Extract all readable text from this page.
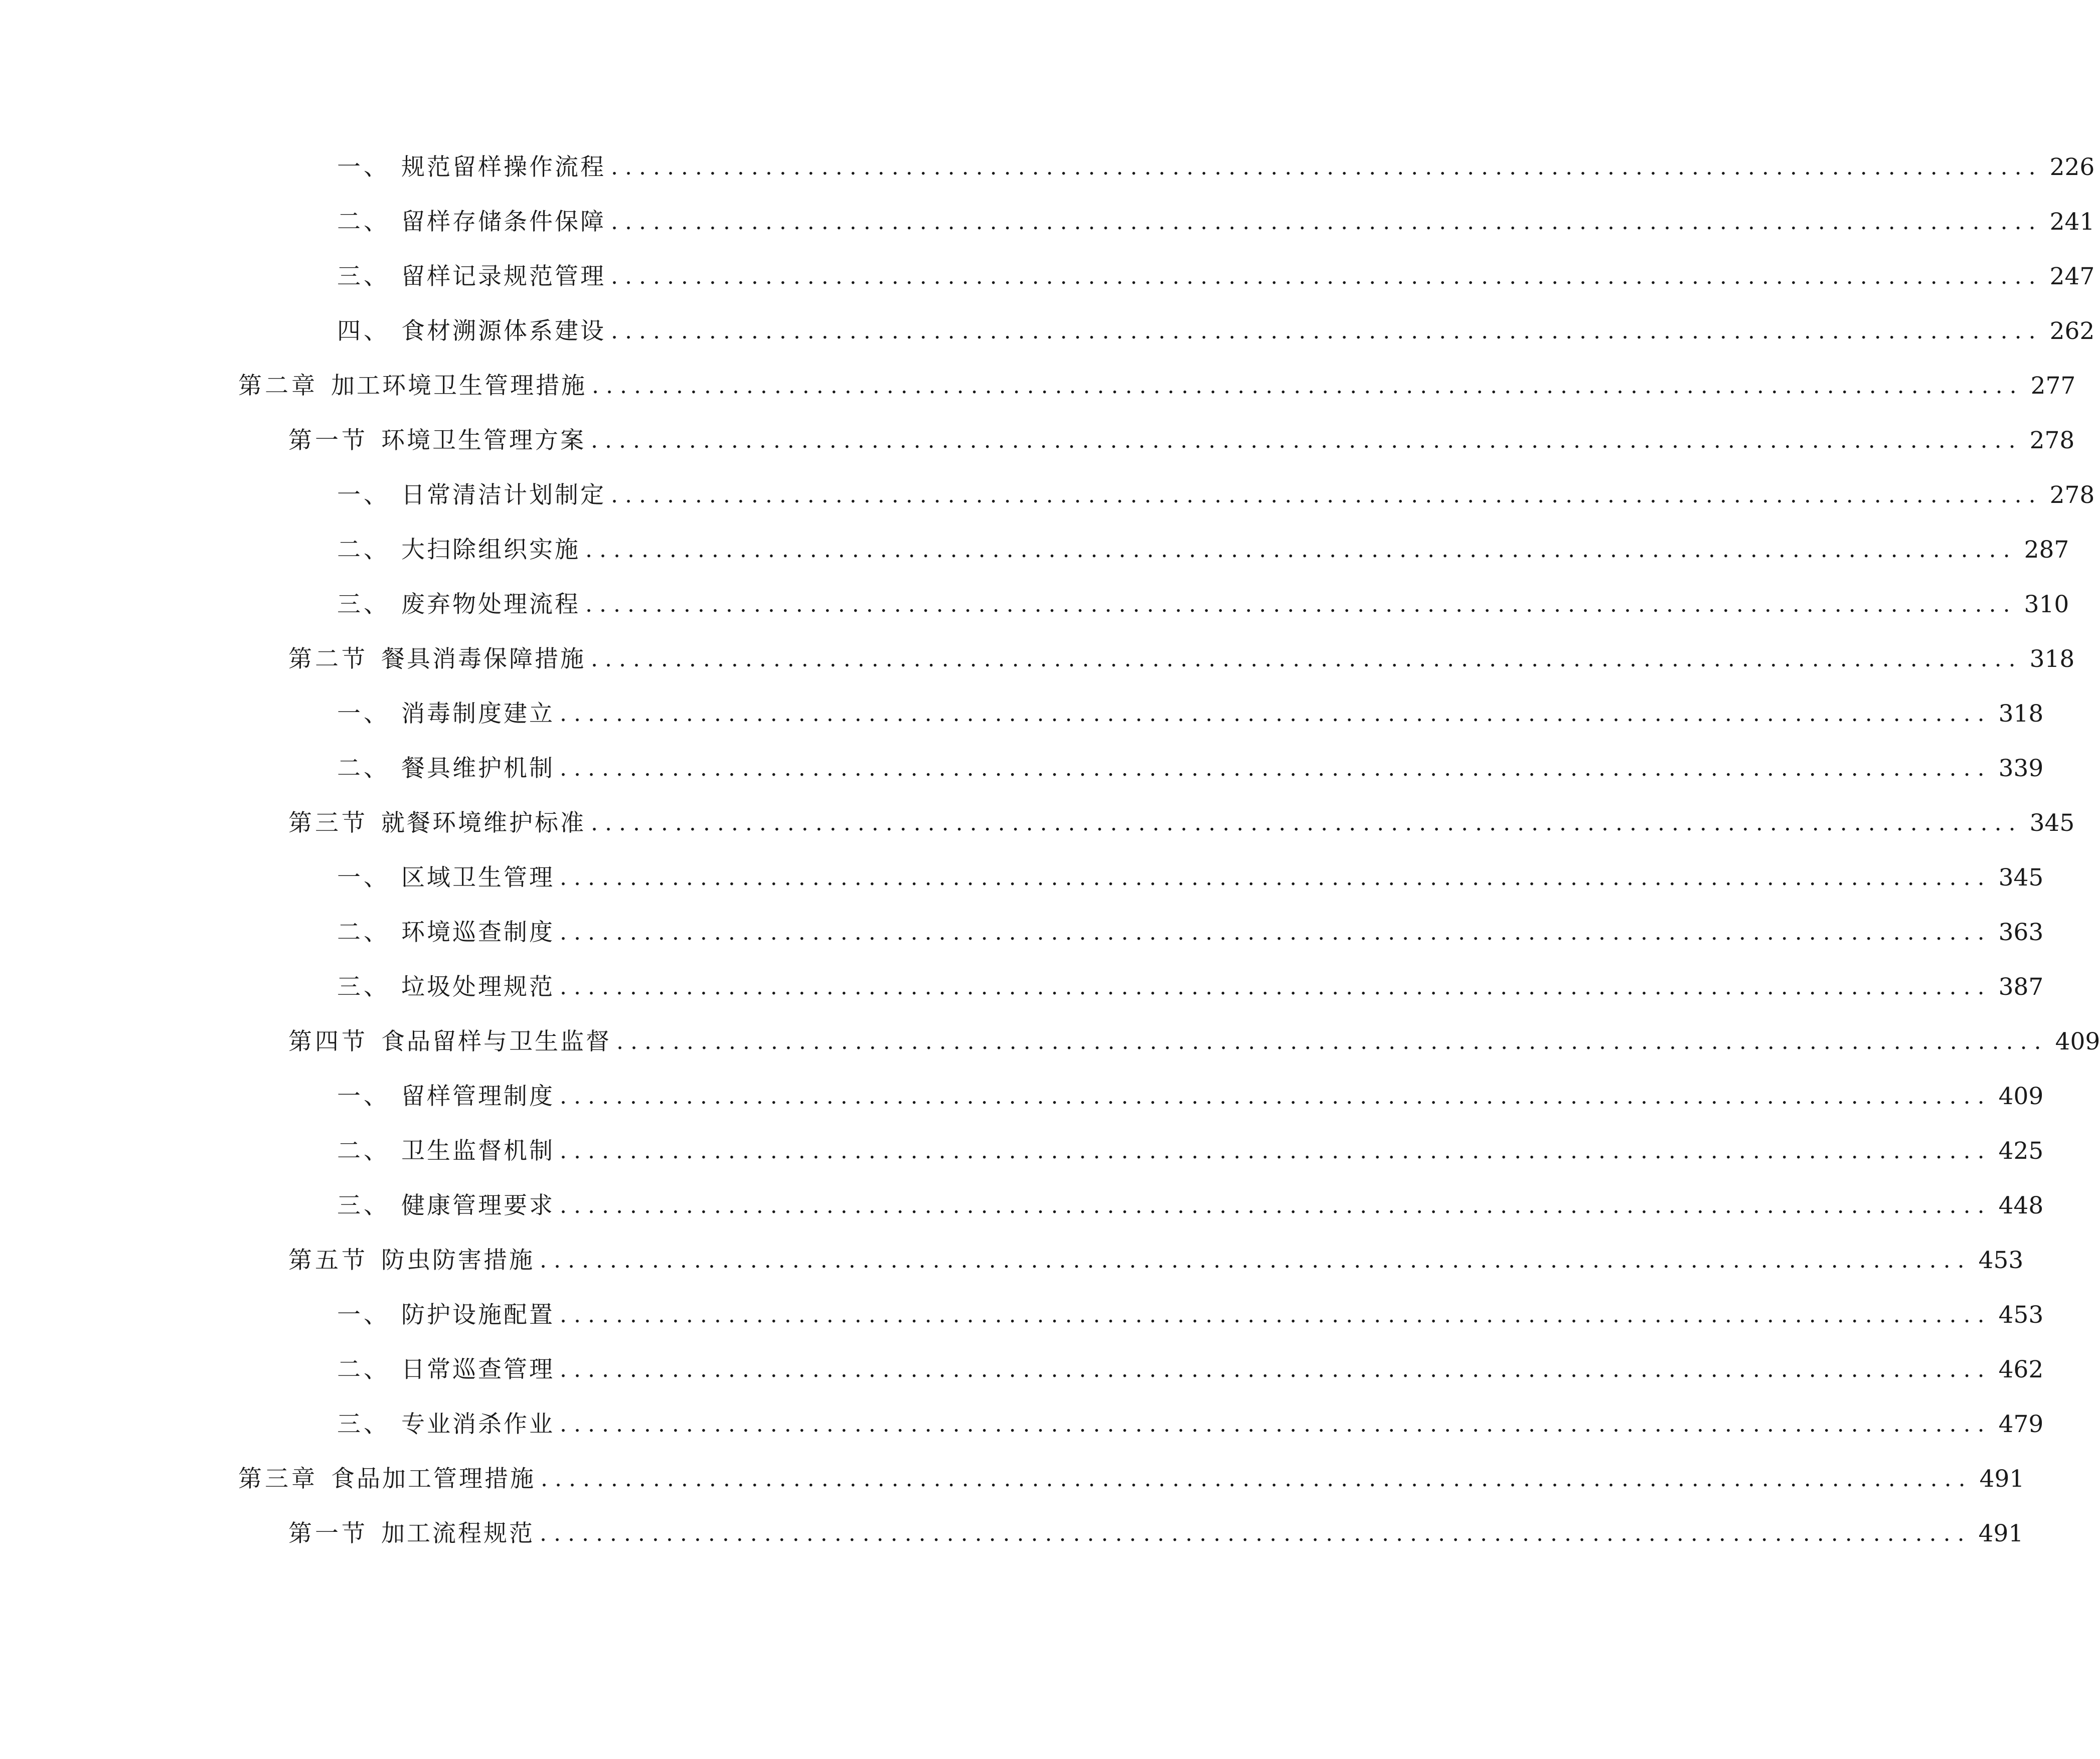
一、 规范留样操作流程 ...................................................................................................... 226
二、 留样存储条件保障 ...................................................................................................... 241
三、 留样记录规范管理 ...................................................................................................... 247
四、 食材溯源体系建设 ...................................................................................................... 262
第二章 加工环境卫生管理措施 ...................................................................................................... 277
第一节 环境卫生管理方案 ...................................................................................................... 278
一、 日常清洁计划制定 ...................................................................................................... 278
二、 大扫除组织实施 ...................................................................................................... 287
三、 废弃物处理流程 ...................................................................................................... 310
第二节 餐具消毒保障措施 ...................................................................................................... 318
一、 消毒制度建立 ...................................................................................................... 318
二、 餐具维护机制 ...................................................................................................... 339
第三节 就餐环境维护标准 ...................................................................................................... 345
一、 区域卫生管理 ...................................................................................................... 345
二、 环境巡查制度 ...................................................................................................... 363
三、 垃圾处理规范 ...................................................................................................... 387
第四节 食品留样与卫生监督 ...................................................................................................... 409
一、 留样管理制度 ...................................................................................................... 409
二、 卫生监督机制 ...................................................................................................... 425
三、 健康管理要求 ...................................................................................................... 448
第五节 防虫防害措施 ...................................................................................................... 453
一、 防护设施配置 ...................................................................................................... 453
二、 日常巡查管理 ...................................................................................................... 462
三、 专业消杀作业 ...................................................................................................... 479
第三章 食品加工管理措施 ...................................................................................................... 491
第一节 加工流程规范 ...................................................................................................... 491
